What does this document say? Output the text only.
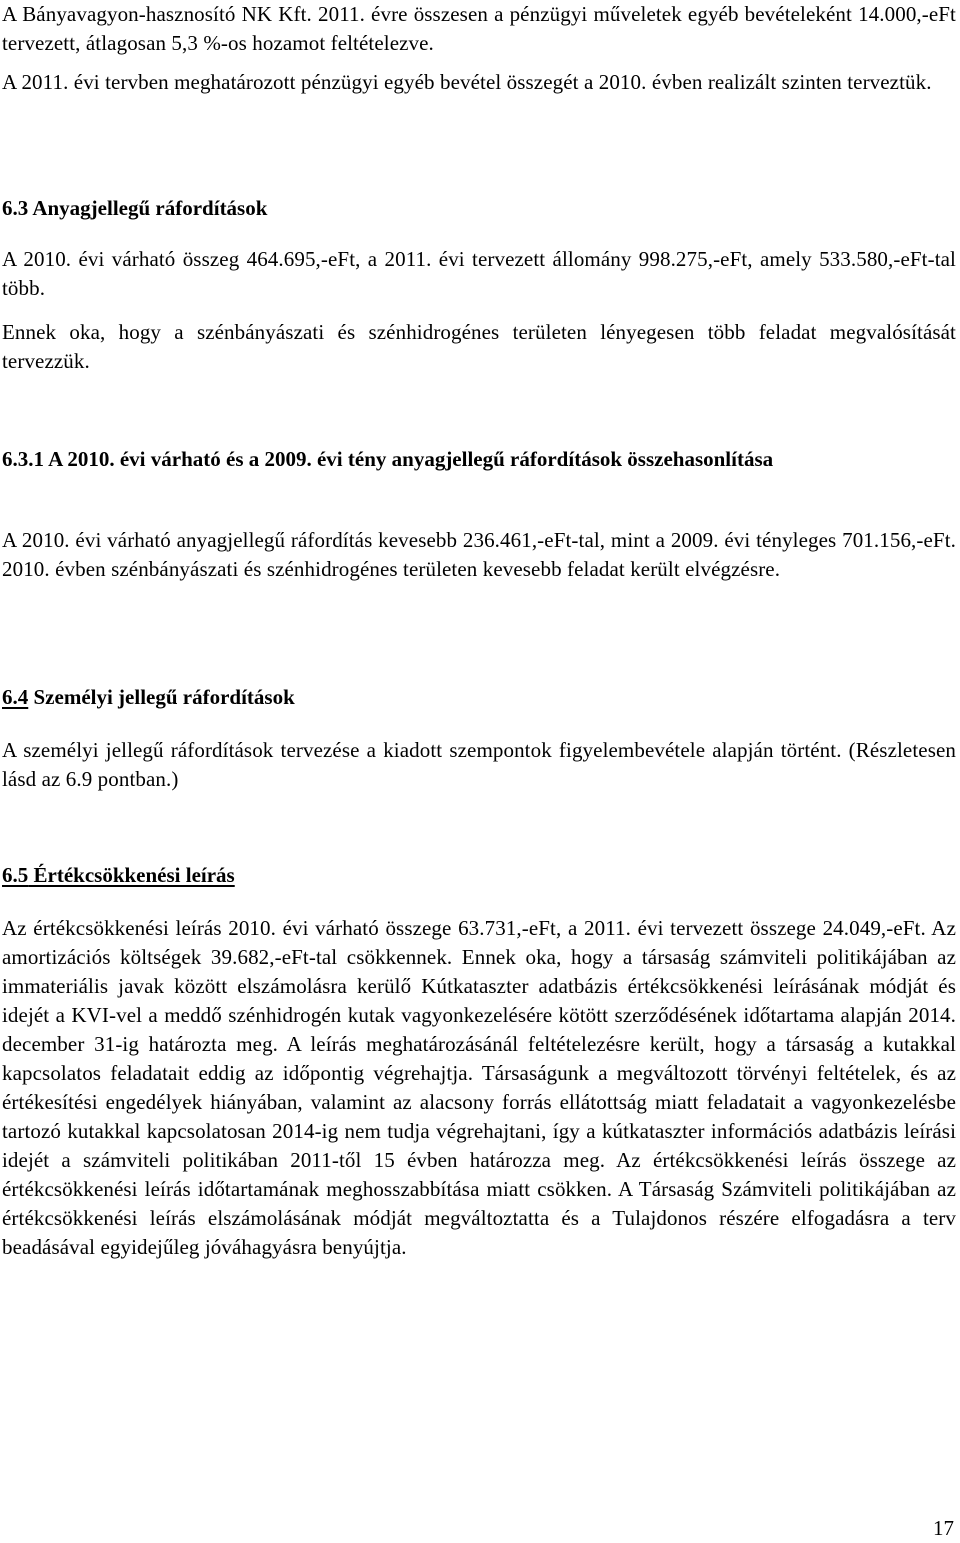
A Bányavagyon-hasznosító NK Kft. 2011. évre összesen a pénzügyi műveletek egyéb bevételeként 14.000,-eFt tervezett, átlagosan 5,3 %-os hozamot feltételezve.

A 2011. évi tervben meghatározott pénzügyi egyéb bevétel összegét a 2010. évben realizált szinten terveztük.

6.3 Anyagjellegű ráfordítások

A 2010. évi várható összeg 464.695,-eFt, a 2011. évi tervezett állomány 998.275,-eFt, amely 533.580,-eFt-tal több.

Ennek oka, hogy a szénbányászati és szénhidrogénes területen lényegesen több feladat megvalósítását tervezzük.

6.3.1 A 2010. évi várható és a 2009. évi tény anyagjellegű ráfordítások összehasonlítása

A 2010. évi várható anyagjellegű ráfordítás kevesebb 236.461,-eFt-tal, mint a 2009. évi tényleges 701.156,-eFt. 2010. évben szénbányászati és szénhidrogénes területen kevesebb feladat került elvégzésre.

6.4 Személyi jellegű ráfordítások

A személyi jellegű ráfordítások tervezése a kiadott szempontok figyelembevétele alapján történt. (Részletesen lásd az 6.9 pontban.)

6.5 Értékcsökkenési leírás

Az értékcsökkenési leírás 2010. évi várható összege 63.731,-eFt, a 2011. évi tervezett összege 24.049,-eFt. Az amortizációs költségek 39.682,-eFt-tal csökkennek. Ennek oka, hogy a társaság számviteli politikájában az immateriális javak között elszámolásra kerülő Kútkataszter adatbázis értékcsökkenési leírásának módját és idejét a KVI-vel a meddő szénhidrogén kutak vagyonkezelésére kötött szerződésének időtartama alapján 2014. december 31-ig határozta meg. A leírás meghatározásánál feltételezésre került, hogy a társaság a kutakkal kapcsolatos feladatait eddig az időpontig végrehajtja. Társaságunk a megváltozott törvényi feltételek, és az értékesítési engedélyek hiányában, valamint az alacsony forrás ellátottság miatt feladatait a vagyonkezelésbe tartozó kutakkal kapcsolatosan 2014-ig nem tudja végrehajtani, így a kútkataszter információs adatbázis leírási idejét a számviteli politikában 2011-től 15 évben határozza meg. Az értékcsökkenési leírás összege az értékcsökkenési leírás időtartamának meghosszabbítása miatt csökken. A Társaság Számviteli politikájában az értékcsökkenési leírás elszámolásának módját megváltoztatta és a Tulajdonos részére elfogadásra a terv beadásával egyidejűleg jóváhagyásra benyújtja.

17
